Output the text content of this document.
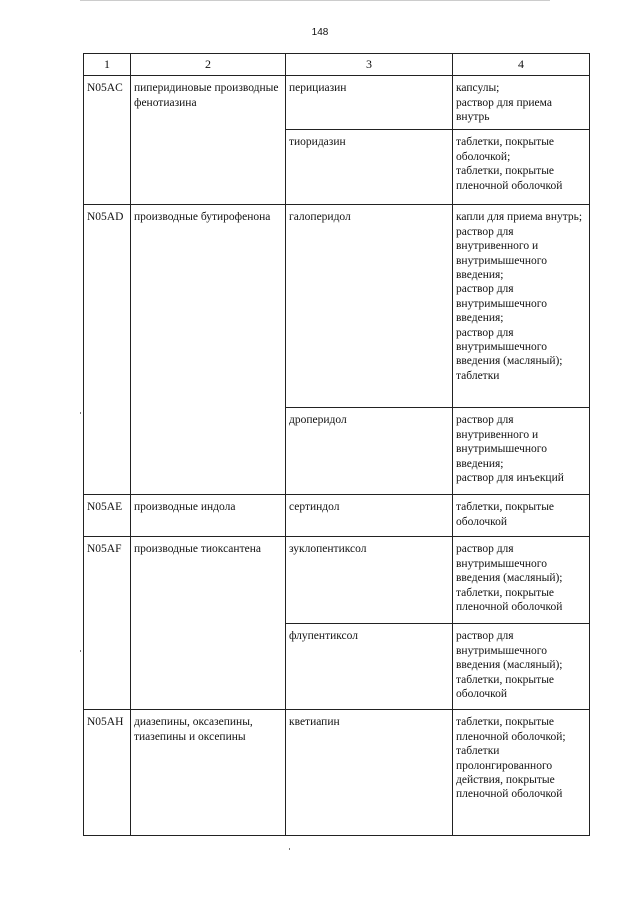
148
1	2	3	4
N05AC	пиперидиновые производные фенотиазина	перициазин	капсулы;
раствор для приема внутрь
		тиоридазин	таблетки, покрытые оболочкой;
таблетки, покрытые пленочной оболочкой
N05AD	производные бутирофенона	галоперидол	капли для приема внутрь;
раствор для внутривенного и внутримышечного введения;
раствор для внутримышечного введения;
раствор для внутримышечного введения (масляный);
таблетки
		дроперидол	раствор для внутривенного и внутримышечного введения;
раствор для инъекций
N05AE	производные индола	сертиндол	таблетки, покрытые оболочкой
N05AF	производные тиоксантена	зуклопентиксол	раствор для внутримышечного введения (масляный);
таблетки, покрытые пленочной оболочкой
		флупентиксол	раствор для внутримышечного введения (масляный);
таблетки, покрытые оболочкой
N05AH	диазепины, оксазепины, тиазепины и оксепины	кветиапин	таблетки, покрытые пленочной оболочкой;
таблетки пролонгированного действия, покрытые пленочной оболочкой
